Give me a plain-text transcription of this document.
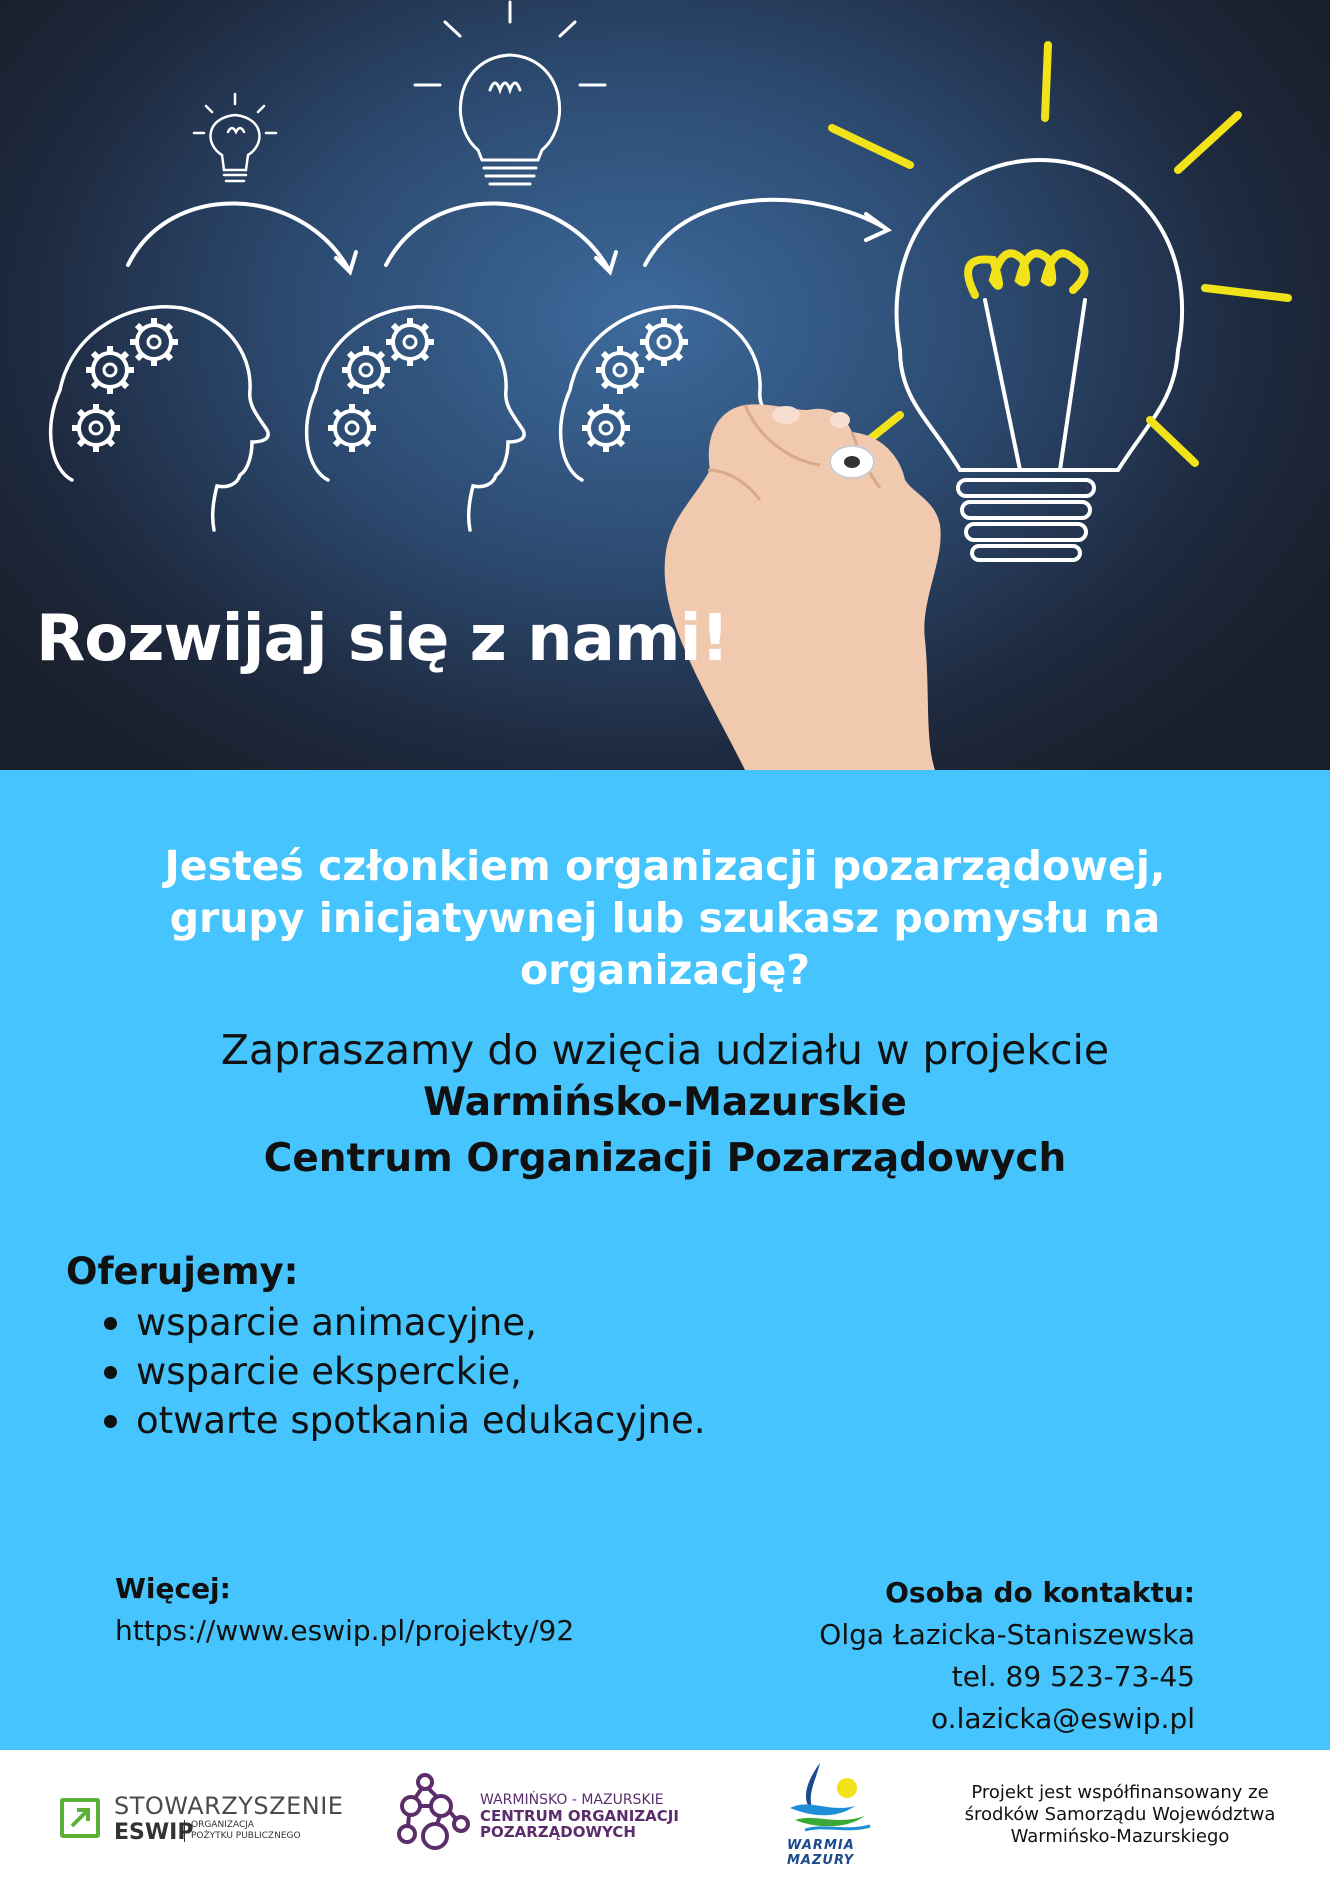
Rozwijaj się z nami!
Jesteś członkiem organizacji pozarządowej,
grupy inicjatywnej lub szukasz pomysłu na
organizację?
Zapraszamy do wzięcia udziału w projekcie
Warmińsko-Mazurskie
Centrum Organizacji Pozarządowych
Oferujemy:
wsparcie animacyjne,
wsparcie eksperckie,
otwarte spotkania edukacyjne.
Więcej:
https://www.eswip.pl/projekty/92
Osoba do kontaktu:
Olga Łazicka-Staniszewska
tel. 89 523-73-45
o.lazicka@eswip.pl
STOWARZYSZENIE
ESWIP
ORGANIZACJA
POŻYTKU PUBLICZNEGO
WARMIŃSKO - MAZURSKIE
CENTRUM ORGANIZACJI
POZARZĄDOWYCH
WARMIA
MAZURY
Projekt jest współfinansowany ze
środków Samorządu Województwa
Warmińsko-Mazurskiego
